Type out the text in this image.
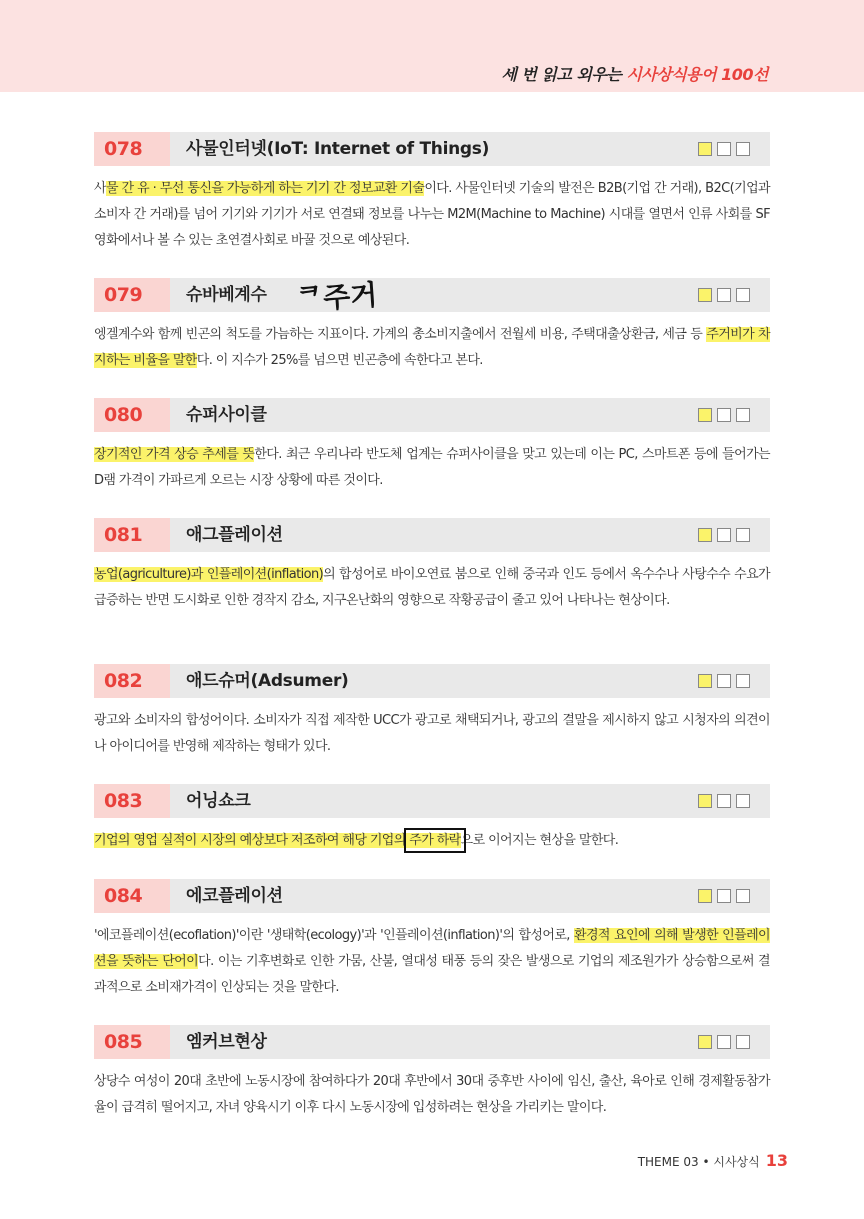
세 번 읽고 외우는 시사상식용어 100선
078	사물인터넷(IoT: Internet of Things)
사물 간 유 · 무선 통신을 가능하게 하는 기기 간 정보교환 기술이다. 사물인터넷 기술의 발전은 B2B(기업 간 거래), B2C(기업과 소비자 간 거래)를 넘어 기기와 기기가 서로 연결돼 정보를 나누는 M2M(Machine to Machine) 시대를 열면서 인류 사회를 SF 영화에서나 볼 수 있는 초연결사회로 바꿀 것으로 예상된다.
079	슈바베계수
엥겔계수와 함께 빈곤의 척도를 가늠하는 지표이다. 가계의 총소비지출에서 전월세 비용, 주택대출상환금, 세금 등 주거비가 차지하는 비율을 말한다. 이 지수가 25%를 넘으면 빈곤층에 속한다고 본다.
ᄏ주거
080	슈퍼사이클
장기적인 가격 상승 추세를 뜻한다. 최근 우리나라 반도체 업계는 슈퍼사이클을 맞고 있는데 이는 PC, 스마트폰 등에 들어가는 D램 가격이 가파르게 오르는 시장 상황에 따른 것이다.
081	애그플레이션
농업(agriculture)과 인플레이션(inflation)의 합성어로 바이오연료 붐으로 인해 중국과 인도 등에서 옥수수나 사탕수수 수요가 급증하는 반면 도시화로 인한 경작지 감소, 지구온난화의 영향으로 작황공급이 줄고 있어 나타나는 현상이다.
082	애드슈머(Adsumer)
광고와 소비자의 합성어이다. 소비자가 직접 제작한 UCC가 광고로 채택되거나, 광고의 결말을 제시하지 않고 시청자의 의견이나 아이디어를 반영해 제작하는 형태가 있다.
083	어닝쇼크
기업의 영업 실적이 시장의 예상보다 저조하여 해당 기업의 주가 하락으로 이어지는 현상을 말한다.
084	에코플레이션
'에코플레이션(ecoflation)'이란 '생태학(ecology)'과 '인플레이션(inflation)'의 합성어로, 환경적 요인에 의해 발생한 인플레이션을 뜻하는 단어이다. 이는 기후변화로 인한 가뭄, 산불, 열대성 태풍 등의 잦은 발생으로 기업의 제조원가가 상승함으로써 결과적으로 소비재가격이 인상되는 것을 말한다.
085	엠커브현상
상당수 여성이 20대 초반에 노동시장에 참여하다가 20대 후반에서 30대 중후반 사이에 임신, 출산, 육아로 인해 경제활동참가율이 급격히 떨어지고, 자녀 양육시기 이후 다시 노동시장에 입성하려는 현상을 가리키는 말이다.
THEME 03 • 시사상식 13
